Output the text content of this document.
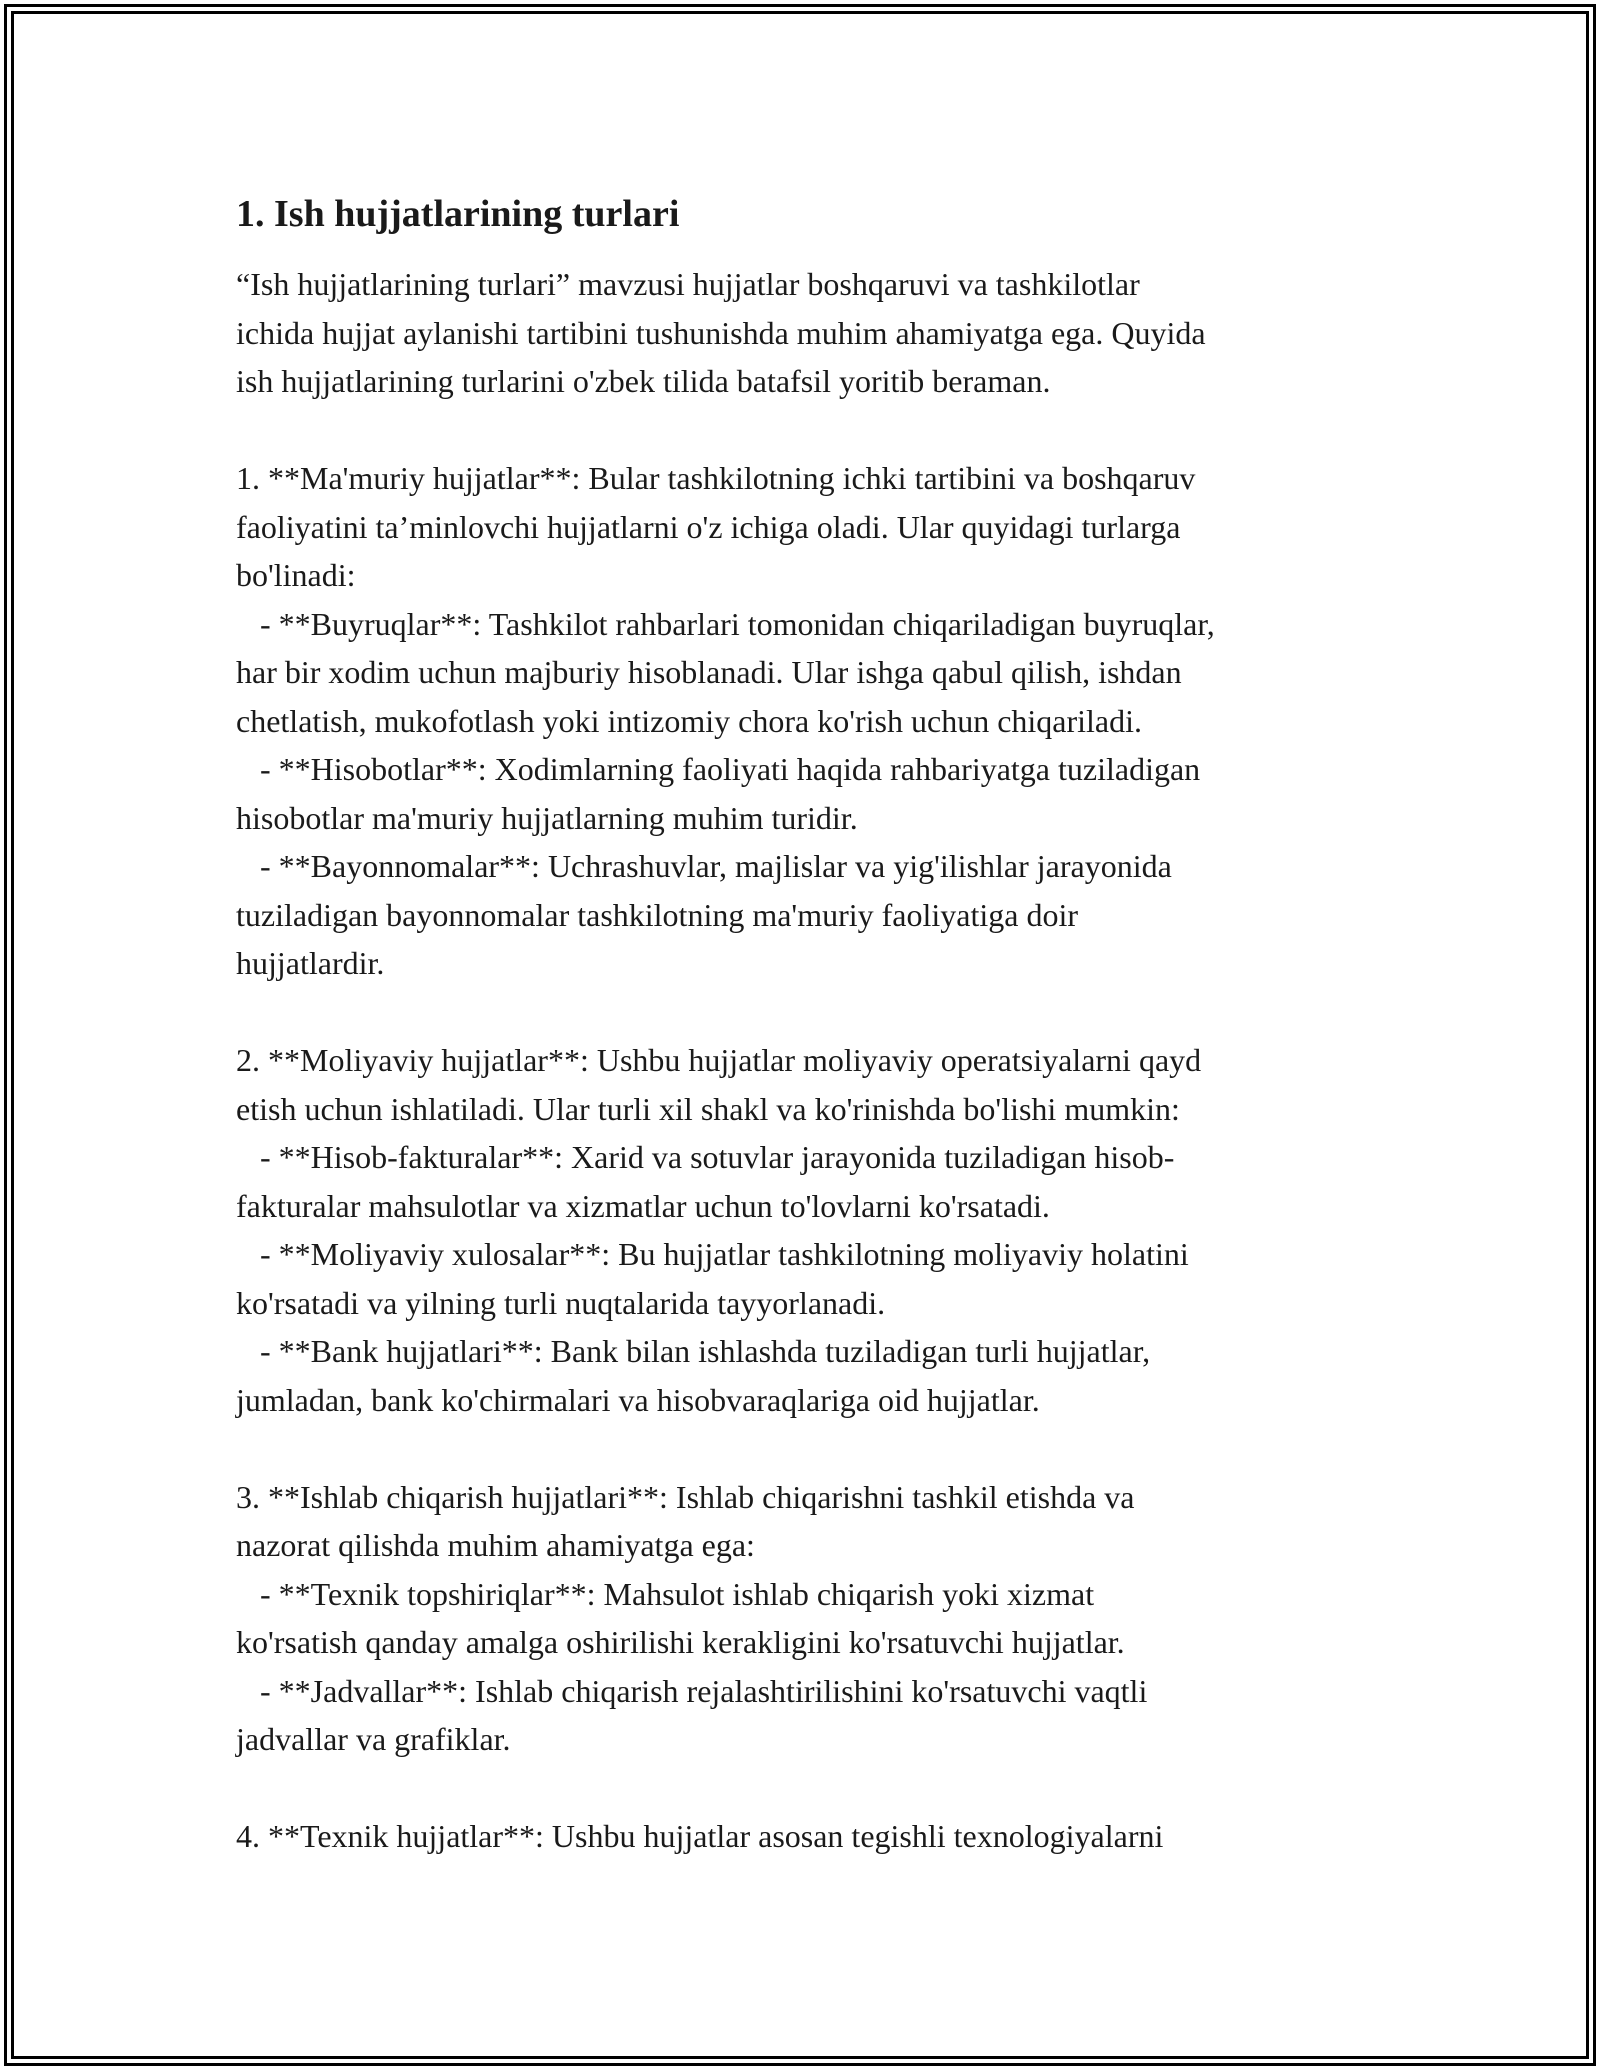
1. Ish hujjatlarining turlari

“Ish hujjatlarining turlari” mavzusi hujjatlar boshqaruvi va tashkilotlar
ichida hujjat aylanishi tartibini tushunishda muhim ahamiyatga ega. Quyida
ish hujjatlarining turlarini o'zbek tilida batafsil yoritib beraman.

1. **Ma'muriy hujjatlar**: Bular tashkilotning ichki tartibini va boshqaruv
faoliyatini ta’minlovchi hujjatlarni o'z ichiga oladi. Ular quyidagi turlarga
bo'linadi:
- **Buyruqlar**: Tashkilot rahbarlari tomonidan chiqariladigan buyruqlar,
har bir xodim uchun majburiy hisoblanadi. Ular ishga qabul qilish, ishdan
chetlatish, mukofotlash yoki intizomiy chora ko'rish uchun chiqariladi.
- **Hisobotlar**: Xodimlarning faoliyati haqida rahbariyatga tuziladigan
hisobotlar ma'muriy hujjatlarning muhim turidir.
- **Bayonnomalar**: Uchrashuvlar, majlislar va yig'ilishlar jarayonida
tuziladigan bayonnomalar tashkilotning ma'muriy faoliyatiga doir
hujjatlardir.

2. **Moliyaviy hujjatlar**: Ushbu hujjatlar moliyaviy operatsiyalarni qayd
etish uchun ishlatiladi. Ular turli xil shakl va ko'rinishda bo'lishi mumkin:
- **Hisob-fakturalar**: Xarid va sotuvlar jarayonida tuziladigan hisob-
fakturalar mahsulotlar va xizmatlar uchun to'lovlarni ko'rsatadi.
- **Moliyaviy xulosalar**: Bu hujjatlar tashkilotning moliyaviy holatini
ko'rsatadi va yilning turli nuqtalarida tayyorlanadi.
- **Bank hujjatlari**: Bank bilan ishlashda tuziladigan turli hujjatlar,
jumladan, bank ko'chirmalari va hisobvaraqlariga oid hujjatlar.

3. **Ishlab chiqarish hujjatlari**: Ishlab chiqarishni tashkil etishda va
nazorat qilishda muhim ahamiyatga ega:
- **Texnik topshiriqlar**: Mahsulot ishlab chiqarish yoki xizmat
ko'rsatish qanday amalga oshirilishi kerakligini ko'rsatuvchi hujjatlar.
- **Jadvallar**: Ishlab chiqarish rejalashtirilishini ko'rsatuvchi vaqtli
jadvallar va grafiklar.

4. **Texnik hujjatlar**: Ushbu hujjatlar asosan tegishli texnologiyalarni
